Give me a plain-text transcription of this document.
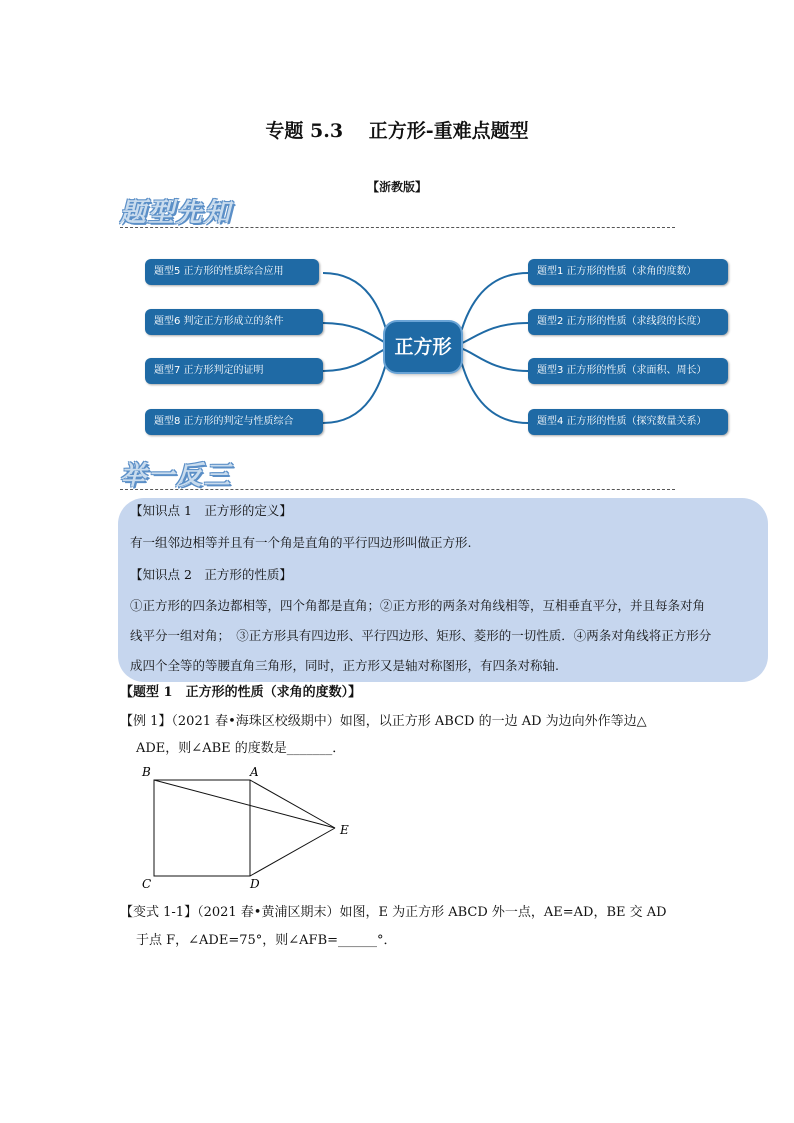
专题 5.3　 正方形-重难点题型
【浙教版】
题型先知
题型5 正方形的性质综合应用
题型6 判定正方形成立的条件
题型7 正方形判定的证明
题型8 正方形的判定与性质综合
正方形
题型1 正方形的性质（求角的度数）
题型2 正方形的性质（求线段的长度）
题型3 正方形的性质（求面积、周长）
题型4 正方形的性质（探究数量关系）
举一反三
【知识点 1　正方形的定义】
有一组邻边相等并且有一个角是直角的平行四边形叫做正方形.
【知识点 2　正方形的性质】
①正方形的四条边都相等，四个角都是直角；②正方形的两条对角线相等，互相垂直平分，并且每条对角
线平分一组对角；　③正方形具有四边形、平行四边形、矩形、菱形的一切性质．④两条对角线将正方形分
成四个全等的等腰直角三角形，同时，正方形又是轴对称图形，有四条对称轴.
【题型 1　正方形的性质（求角的度数）】
【例 1】（2021 春•海珠区校级期中）如图，以正方形 ABCD 的一边 AD 为边向外作等边△
ADE，则∠ABE 的度数是_______．
B	A
E
C	D
【变式 1-1】（2021 春•黄浦区期末）如图，E 为正方形 ABCD 外一点，AE=AD，BE 交 AD
于点 F，∠ADE=75°，则∠AFB=______°．
